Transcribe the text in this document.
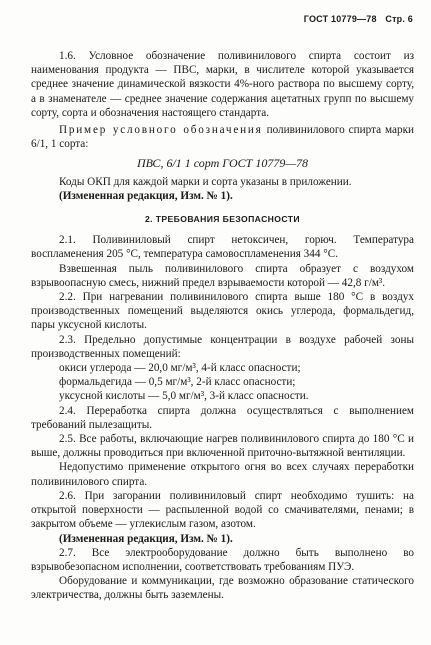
ГОСТ 10779—78 Стр. 6

1.6. Условное обозначение поливинилового спирта состоит из наименования продукта — ПВС, марки, в числителе которой указывается среднее значение динамической вязкости 4%-ного раствора по высшему сорту, а в знаменателе — среднее значение содержания ацетатных групп по высшему сорту, сорта и обозначения настоящего стандарта.

Пример условного обозначения поливинилового спирта марки 6/1, 1 сорта:

ПВС, 6/1 1 сорт ГОСТ 10779—78

Коды ОКП для каждой марки и сорта указаны в приложении.

(Измененная редакция, Изм. № 1).

2. ТРЕБОВАНИЯ БЕЗОПАСНОСТИ

2.1. Поливиниловый спирт нетоксичен, горюч. Температура воспламенения 205 °С, температура самовоспламенения 344 °С.

Взвешенная пыль поливинилового спирта образует с воздухом взрывоопасную смесь, нижний предел взрываемости которой — 42,8 г/м³.

2.2. При нагревании поливинилового спирта выше 180 °С в воздух производственных помещений выделяются окись углерода, формальдегид, пары уксусной кислоты.

2.3. Предельно допустимые концентрации в воздухе рабочей зоны производственных помещений:

окиси углерода — 20,0 мг/м³, 4-й класс опасности;

формальдегида — 0,5 мг/м³, 2-й класс опасности;

уксусной кислоты — 5,0 мг/м³, 3-й класс опасности.

2.4. Переработка спирта должна осуществляться с выполнением требований пылезащиты.

2.5. Все работы, включающие нагрев поливинилового спирта до 180 °С и выше, должны проводиться при включенной приточно-вытяжной вентиляции.

Недопустимо применение открытого огня во всех случаях переработки поливинилового спирта.

2.6. При загорании поливиниловый спирт необходимо тушить: на открытой поверхности — распыленной водой со смачивателями, пенами; в закрытом объеме — углекислым газом, азотом.

(Измененная редакция, Изм. № 1).

2.7. Все электрооборудование должно быть выполнено во взрывобезопасном исполнении, соответствовать требованиям ПУЭ.

Оборудование и коммуникации, где возможно образование статического электричества, должны быть заземлены.
